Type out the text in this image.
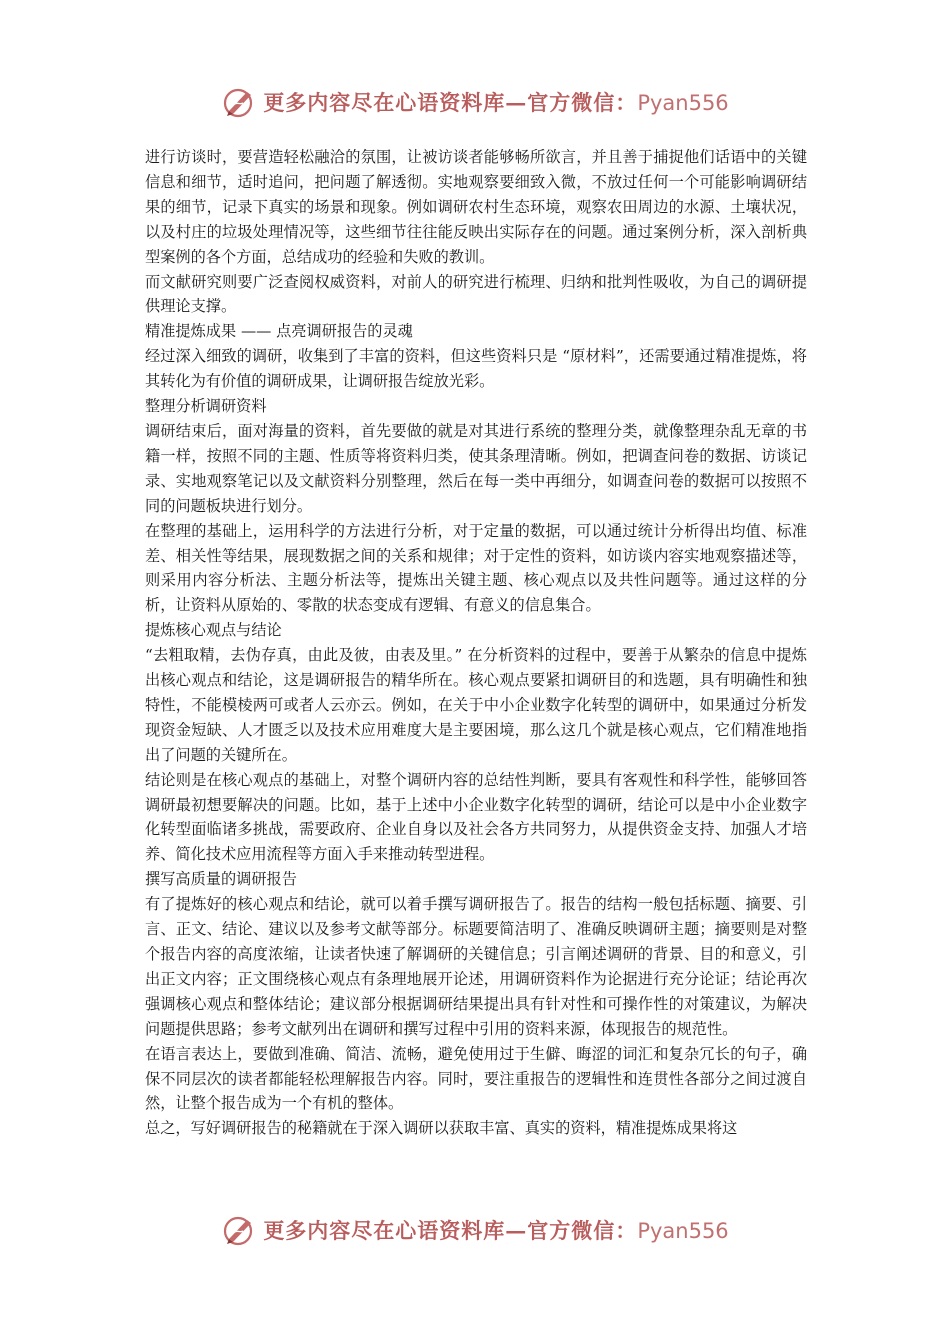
更多内容尽在心语资料库—官方微信：Pyan556

进行访谈时，要营造轻松融洽的氛围，让被访谈者能够畅所欲言，并且善于捕捉他们话语中的关键信息和细节，适时追问，把问题了解透彻。实地观察要细致入微，不放过任何一个可能影响调研结果的细节，记录下真实的场景和现象。例如调研农村生态环境，观察农田周边的水源、土壤状况，以及村庄的垃圾处理情况等，这些细节往往能反映出实际存在的问题。通过案例分析，深入剖析典型案例的各个方面，总结成功的经验和失败的教训。

而文献研究则要广泛查阅权威资料，对前人的研究进行梳理、归纳和批判性吸收，为自己的调研提供理论支撑。

精准提炼成果 —— 点亮调研报告的灵魂

经过深入细致的调研，收集到了丰富的资料，但这些资料只是 “原材料”，还需要通过精准提炼，将其转化为有价值的调研成果，让调研报告绽放光彩。

整理分析调研资料

调研结束后，面对海量的资料，首先要做的就是对其进行系统的整理分类，就像整理杂乱无章的书籍一样，按照不同的主题、性质等将资料归类，使其条理清晰。例如，把调查问卷的数据、访谈记录、实地观察笔记以及文献资料分别整理，然后在每一类中再细分，如调查问卷的数据可以按照不同的问题板块进行划分。

在整理的基础上，运用科学的方法进行分析，对于定量的数据，可以通过统计分析得出均值、标准差、相关性等结果，展现数据之间的关系和规律；对于定性的资料，如访谈内容实地观察描述等，则采用内容分析法、主题分析法等，提炼出关键主题、核心观点以及共性问题等。通过这样的分析，让资料从原始的、零散的状态变成有逻辑、有意义的信息集合。

提炼核心观点与结论

“去粗取精，去伪存真，由此及彼，由表及里。” 在分析资料的过程中，要善于从繁杂的信息中提炼出核心观点和结论，这是调研报告的精华所在。核心观点要紧扣调研目的和选题，具有明确性和独特性，不能模棱两可或者人云亦云。例如，在关于中小企业数字化转型的调研中，如果通过分析发现资金短缺、人才匮乏以及技术应用难度大是主要困境，那么这几个就是核心观点，它们精准地指出了问题的关键所在。

结论则是在核心观点的基础上，对整个调研内容的总结性判断，要具有客观性和科学性，能够回答调研最初想要解决的问题。比如，基于上述中小企业数字化转型的调研，结论可以是中小企业数字化转型面临诸多挑战，需要政府、企业自身以及社会各方共同努力，从提供资金支持、加强人才培养、简化技术应用流程等方面入手来推动转型进程。

撰写高质量的调研报告

有了提炼好的核心观点和结论，就可以着手撰写调研报告了。报告的结构一般包括标题、摘要、引言、正文、结论、建议以及参考文献等部分。标题要简洁明了、准确反映调研主题；摘要则是对整个报告内容的高度浓缩，让读者快速了解调研的关键信息；引言阐述调研的背景、目的和意义，引出正文内容；正文围绕核心观点有条理地展开论述，用调研资料作为论据进行充分论证；结论再次强调核心观点和整体结论；建议部分根据调研结果提出具有针对性和可操作性的对策建议，为解决问题提供思路；参考文献列出在调研和撰写过程中引用的资料来源，体现报告的规范性。

在语言表达上，要做到准确、简洁、流畅，避免使用过于生僻、晦涩的词汇和复杂冗长的句子，确保不同层次的读者都能轻松理解报告内容。同时，要注重报告的逻辑性和连贯性各部分之间过渡自然，让整个报告成为一个有机的整体。

总之，写好调研报告的秘籍就在于深入调研以获取丰富、真实的资料，精准提炼成果将这

更多内容尽在心语资料库—官方微信：Pyan556
